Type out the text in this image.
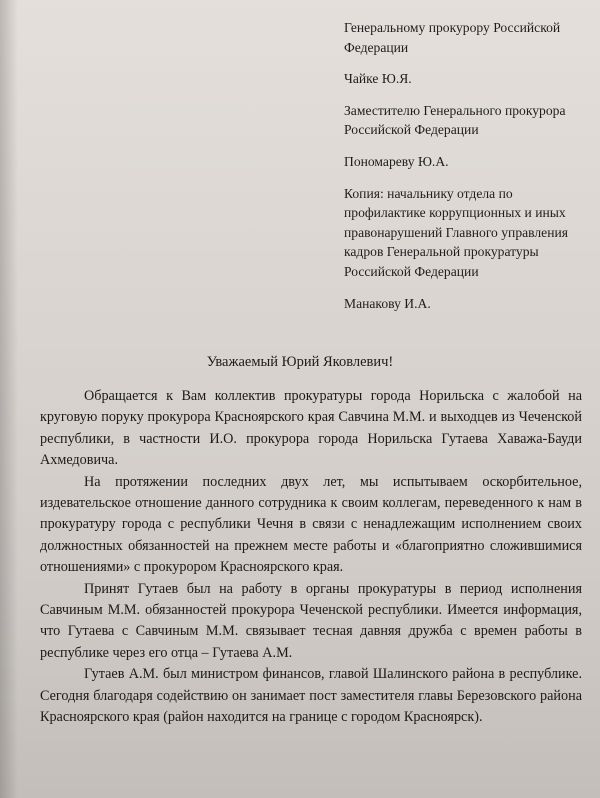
Генеральному прокурору Российской Федерации

Чайке Ю.Я.

Заместителю Генерального прокурора Российской Федерации

Пономареву Ю.А.

Копия: начальнику отдела по профилактике коррупционных и иных правонарушений Главного управления кадров Генеральной прокуратуры Российской Федерации

Манакову И.А.

Уважаемый Юрий Яковлевич!

Обращается к Вам коллектив прокуратуры города Норильска с жалобой на круговую поруку прокурора Красноярского края Савчина М.М. и выходцев из Чеченской республики, в частности И.О. прокурора города Норильска Гутаева Хаважа-Бауди Ахмедовича.

На протяжении последних двух лет, мы испытываем оскорбительное, издевательское отношение данного сотрудника к своим коллегам, переведенного к нам в прокуратуру города с республики Чечня в связи с ненадлежащим исполнением своих должностных обязанностей на прежнем месте работы и «благоприятно сложившимися отношениями» с прокурором Красноярского края.

Принят Гутаев был на работу в органы прокуратуры в период исполнения Савчиным М.М. обязанностей прокурора Чеченской республики. Имеется информация, что Гутаева с Савчиным М.М. связывает тесная давняя дружба с времен работы в республике через его отца – Гутаева А.М.

Гутаев А.М. был министром финансов, главой Шалинского района в республике. Сегодня благодаря содействию он занимает пост заместителя главы Березовского района Красноярского края (район находится на границе с городом Красноярск).
